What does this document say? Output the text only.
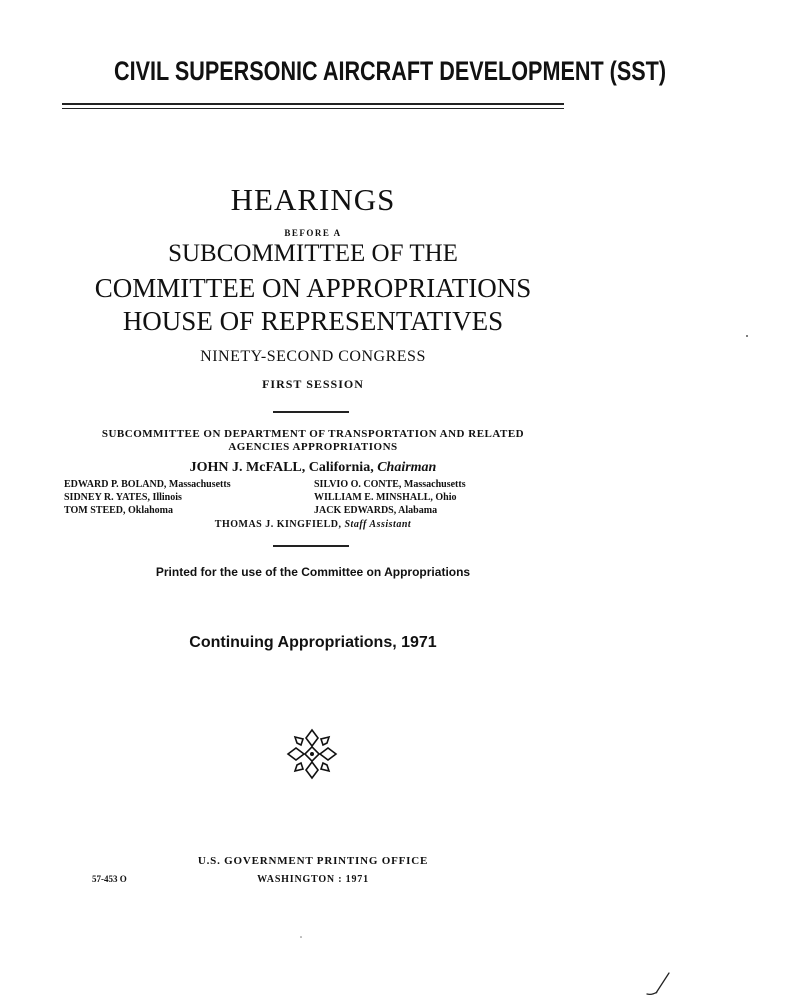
CIVIL SUPERSONIC AIRCRAFT DEVELOPMENT (SST)
HEARINGS
BEFORE A
SUBCOMMITTEE OF THE
COMMITTEE ON APPROPRIATIONS
HOUSE OF REPRESENTATIVES
NINETY-SECOND CONGRESS
FIRST SESSION
SUBCOMMITTEE ON DEPARTMENT OF TRANSPORTATION AND RELATED
AGENCIES APPROPRIATIONS
JOHN J. McFALL, California, Chairman
EDWARD P. BOLAND, Massachusetts
SIDNEY R. YATES, Illinois
TOM STEED, Oklahoma
SILVIO O. CONTE, Massachusetts
WILLIAM E. MINSHALL, Ohio
JACK EDWARDS, Alabama
THOMAS J. KINGFIELD, Staff Assistant
Printed for the use of the Committee on Appropriations
Continuing Appropriations, 1971
U.S. GOVERNMENT PRINTING OFFICE
WASHINGTON : 1971
57-453 O
